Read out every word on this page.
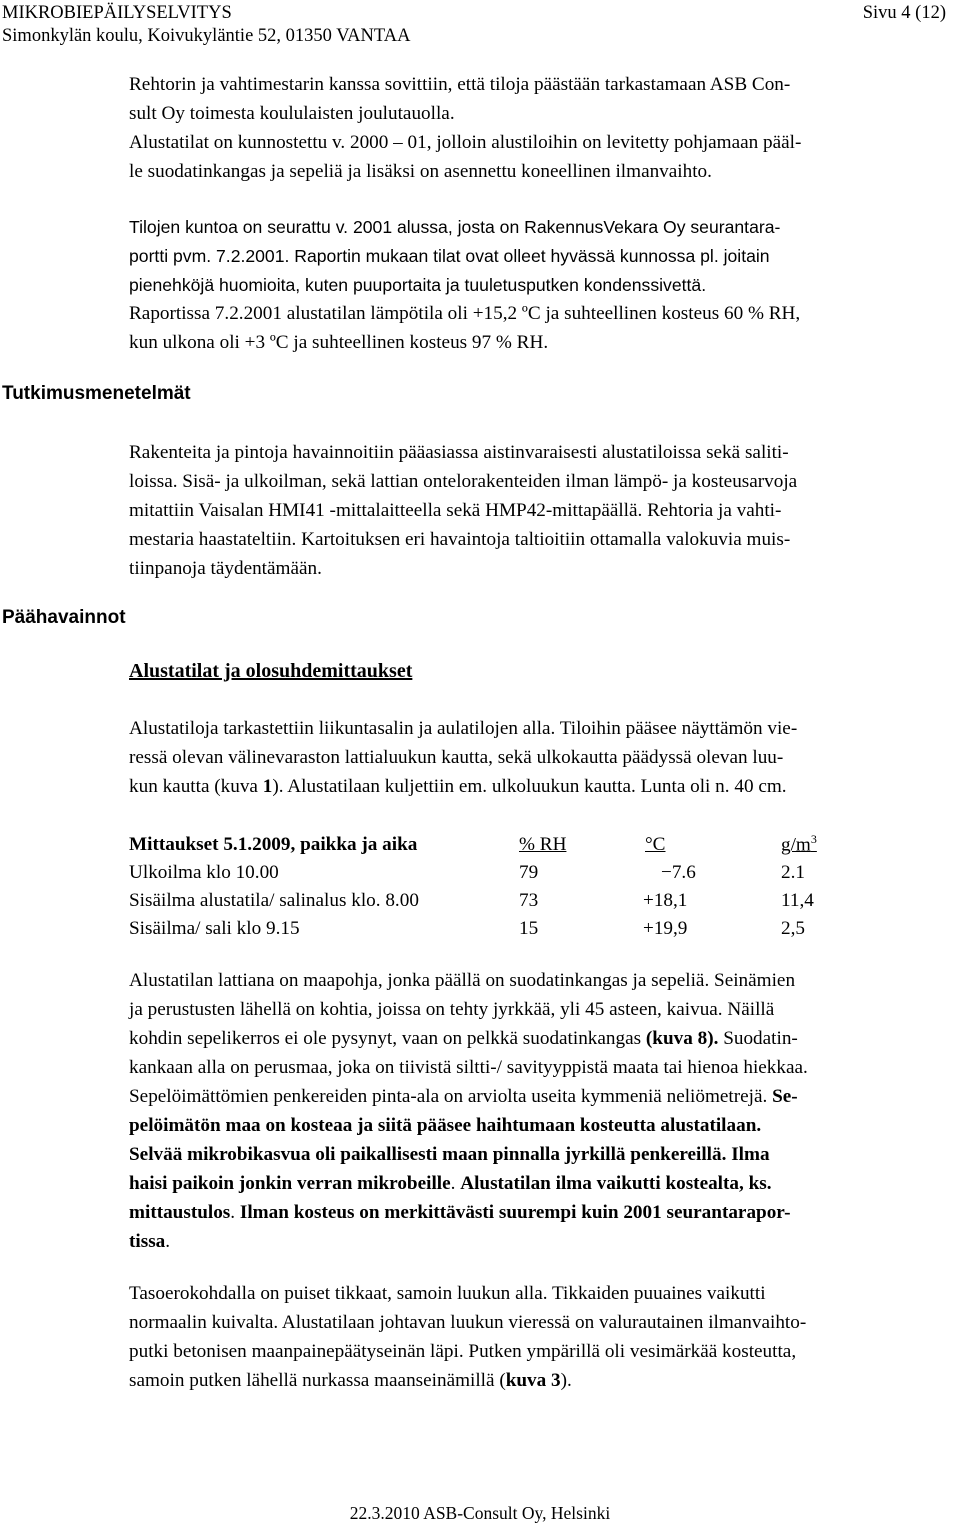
MIKROBIEPÄILYSELVITYS	Sivu 4 (12)
Simonkylän koulu, Koivukyläntie 52, 01350 VANTAA
Rehtorin ja vahtimestarin kanssa sovittiin, että tiloja päästään tarkastamaan ASB Con-
sult Oy toimesta koululaisten joulutauolla.
Alustatilat on kunnostettu v. 2000 – 01, jolloin alustiloihin on levitetty pohjamaan pääl-
le suodatinkangas ja sepeliä ja lisäksi on asennettu koneellinen ilmanvaihto.
Tilojen kuntoa on seurattu v. 2001 alussa, josta on RakennusVekara Oy seurantara-
portti pvm. 7.2.2001. Raportin mukaan tilat ovat olleet hyvässä kunnossa pl. joitain
pienehköjä huomioita, kuten puuportaita ja tuuletusputken kondenssivettä.
Raportissa 7.2.2001 alustatilan lämpötila oli +15,2 ºC ja suhteellinen kosteus 60 % RH,
kun ulkona oli +3 ºC ja suhteellinen kosteus 97 % RH.
Tutkimusmenetelmät
Päähavainnot
Rakenteita ja pintoja havainnoitiin pääasiassa aistinvaraisesti alustatiloissa sekä saliti-
loissa. Sisä- ja ulkoilman, sekä lattian ontelorakenteiden ilman lämpö- ja kosteusarvoja
mitattiin Vaisalan HMI41 -mittalaitteella sekä HMP42-mittapäällä. Rehtoria ja vahti-
mestaria haastateltiin. Kartoituksen eri havaintoja taltioitiin ottamalla valokuvia muis-
tiinpanoja täydentämään.
Alustatilat ja olosuhdemittaukset
Alustatiloja tarkastettiin liikuntasalin ja aulatilojen alla. Tiloihin pääsee näyttämön vie-
ressä olevan välinevaraston lattialuukun kautta, sekä ulkokautta päädyssä olevan luu-
kun kautta (kuva 1). Alustatilaan kuljettiin em. ulkoluukun kautta. Lunta oli n. 40 cm.
Mittaukset 5.1.2009, paikka ja aika	% RH	°C	$g/m^3$
Ulkoilma klo 10.00	79	−7.6	2.1
Sisäilma alustatila/ salinalus klo. 8.00	73	+18,1	11,4
Sisäilma/ sali klo 9.15	15	+19,9	2,5
Alustatilan lattiana on maapohja, jonka päällä on suodatinkangas ja sepeliä. Seinämien
ja perustusten lähellä on kohtia, joissa on tehty jyrkkää, yli 45 asteen, kaivua. Näillä
kohdin sepelikerros ei ole pysynyt, vaan on pelkkä suodatinkangas (kuva 8). Suodatin-
kankaan alla on perusmaa, joka on tiivistä siltti-/ savityyppistä maata tai hienoa hiekkaa.
Sepelöimättömien penkereiden pinta-ala on arviolta useita kymmeniä neliömetrejä. Se-
pelöimätön maa on kosteaa ja siitä pääsee haihtumaan kosteutta alustatilaan.
Selvää mikrobikasvua oli paikallisesti maan pinnalla jyrkillä penkereillä. Ilma
haisi paikoin jonkin verran mikrobeille. Alustatilan ilma vaikutti kostealta, ks.
mittaustulos. Ilman kosteus on merkittävästi suurempi kuin 2001 seurantarapor-
tissa.
Tasoerokohdalla on puiset tikkaat, samoin luukun alla. Tikkaiden puuaines vaikutti
normaalin kuivalta. Alustatilaan johtavan luukun vieressä on valurautainen ilmanvaihto-
putki betonisen maanpainepäätyseinän läpi. Putken ympärillä oli vesimärkää kosteutta,
samoin putken lähellä nurkassa maanseinämillä (kuva 3).
22.3.2010 ASB-Consult Oy, Helsinki
